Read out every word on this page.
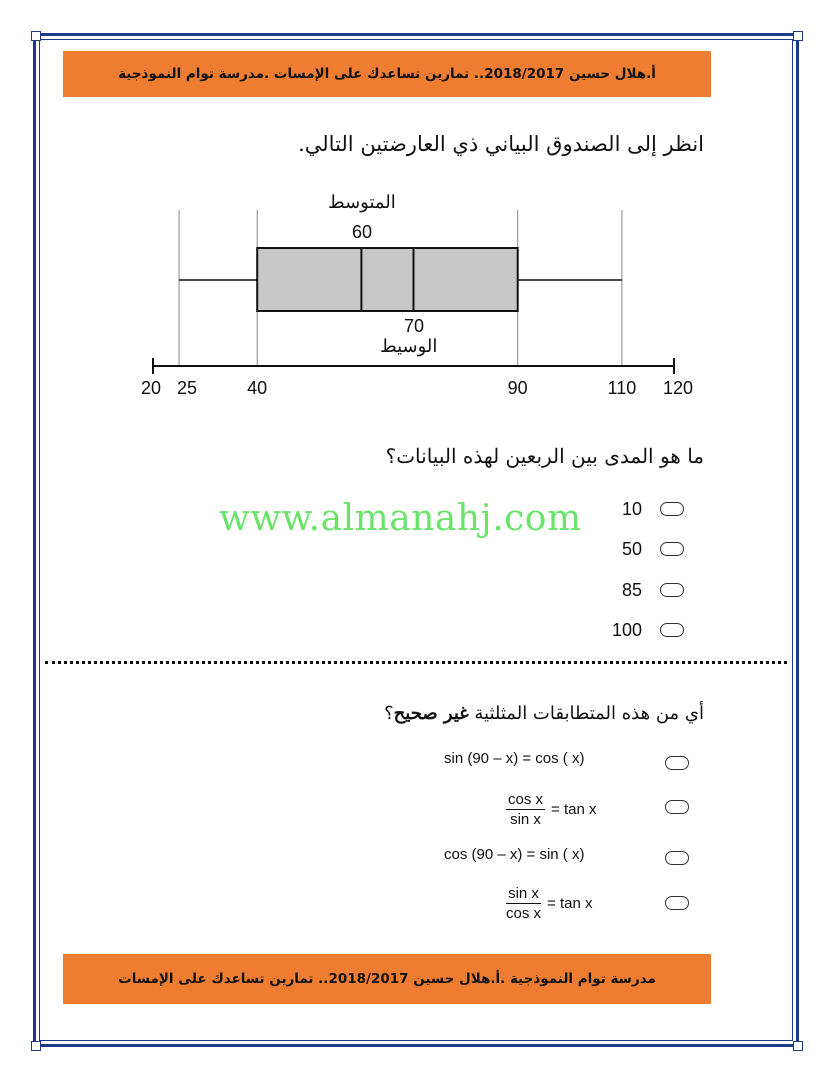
أ.هلال حسين 2018/2017.. تمارين تساعدك على الإمسات .مدرسة توام النموذجية
انظر إلى الصندوق البياني ذي العارضتين التالي.
20 25	40	90	110 120
المتوسط
60
70
الوسيط
ما هو المدى بين الربعين لهذه البيانات؟
10
50
85
100
www.almanahj.com
أي من هذه المتطابقات المثلثية غير صحيح؟
sin (90 – x) = cos ( x)
$\frac{\text{cos x}}{\text{sin x}} = \tan x$
cos (90 – x) = sin ( x)
$\frac{\text{sin x}}{\text{cos x}} = \tan x$
مدرسة توام النموذجية .أ.هلال حسين 2018/2017.. تمارين تساعدك على الإمسات
